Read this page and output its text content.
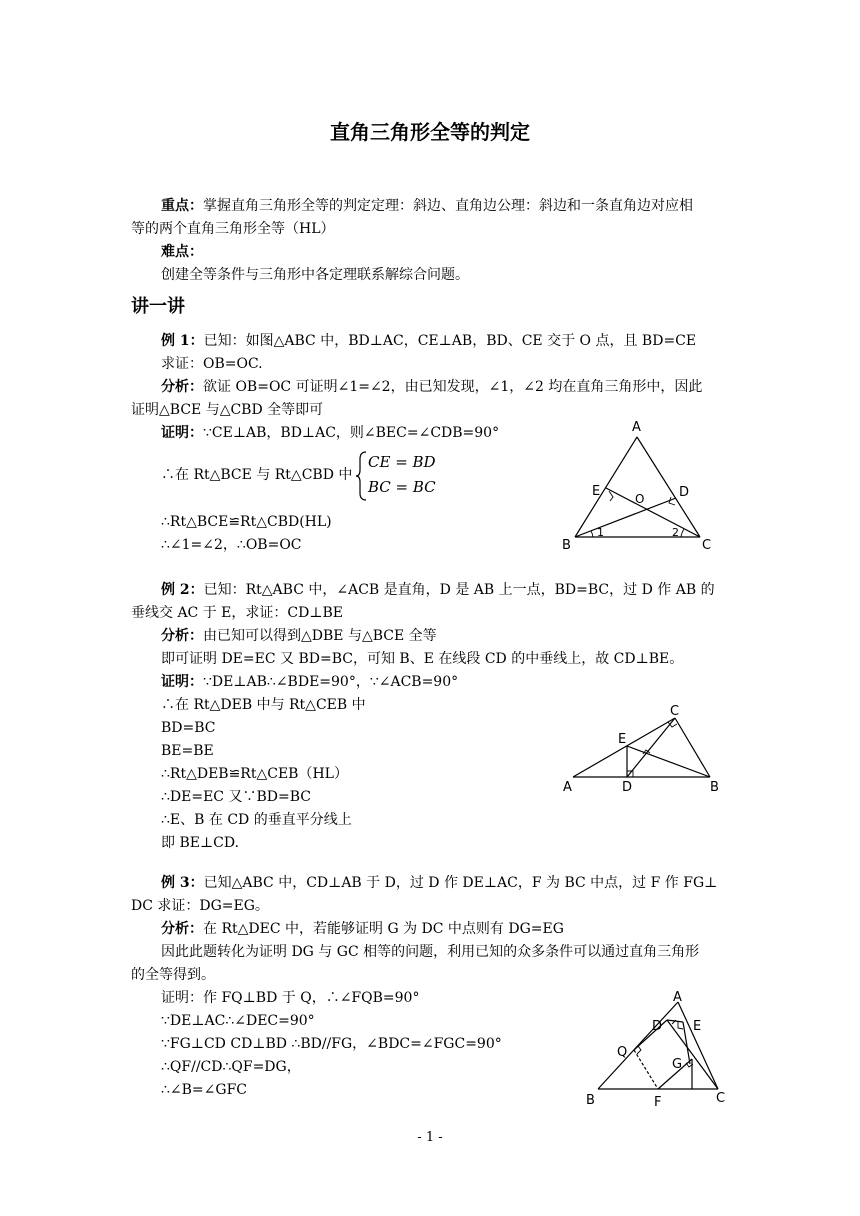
直角三角形全等的判定
重点：掌握直角三角形全等的判定定理：斜边、直角边公理：斜边和一条直角边对应相
等的两个直角三角形全等（HL）
难点：
创建全等条件与三角形中各定理联系解综合问题。
讲一讲
例 1：已知：如图△ABC 中，BD⊥AC，CE⊥AB，BD、CE 交于 O 点，且 BD=CE
求证：OB=OC.
分析：欲证 OB=OC 可证明∠1=∠2，由已知发现，∠1，∠2 均在直角三角形中，因此
证明△BCE 与△CBD 全等即可
证明：∵CE⊥AB，BD⊥AC，则∠BEC=∠CDB=90°
∴在 Rt△BCE 与 Rt△CBD 中
CE = BD
BC = BC
∴Rt△BCE≌Rt△CBD(HL)
∴∠1=∠2，∴OB=OC
A
B	C
D
E	O
1	2
例 2：已知：Rt△ABC 中，∠ACB 是直角，D 是 AB 上一点，BD=BC，过 D 作 AB 的
垂线交 AC 于 E，求证：CD⊥BE
分析：由已知可以得到△DBE 与△BCE 全等
即可证明 DE=EC 又 BD=BC，可知 B、E 在线段 CD 的中垂线上，故 CD⊥BE。
证明：∵DE⊥AB∴∠BDE=90°，∵∠ACB=90°
∴在 Rt△DEB 中与 Rt△CEB 中
BD=BC
BE=BE
∴Rt△DEB≌Rt△CEB（HL）
∴DE=EC 又∵BD=BC
∴E、B 在 CD 的垂直平分线上
即 BE⊥CD.
A	B
C
D
E
例 3：已知△ABC 中，CD⊥AB 于 D，过 D 作 DE⊥AC，F 为 BC 中点，过 F 作 FG⊥
DC 求证：DG=EG。
分析：在 Rt△DEC 中，若能够证明 G 为 DC 中点则有 DG=EG
因此此题转化为证明 DG 与 GC 相等的问题，利用已知的众多条件可以通过直角三角形
的全等得到。
证明：作 FQ⊥BD 于 Q，∴∠FQB=90°
∵DE⊥AC∴∠DEC=90°
∵FG⊥CD CD⊥BD ∴BD//FG，∠BDC=∠FGC=90°
∴QF//CD∴QF=DG，
∴∠B=∠GFC
A
B	C
D E
F
G
Q
- 1 -
